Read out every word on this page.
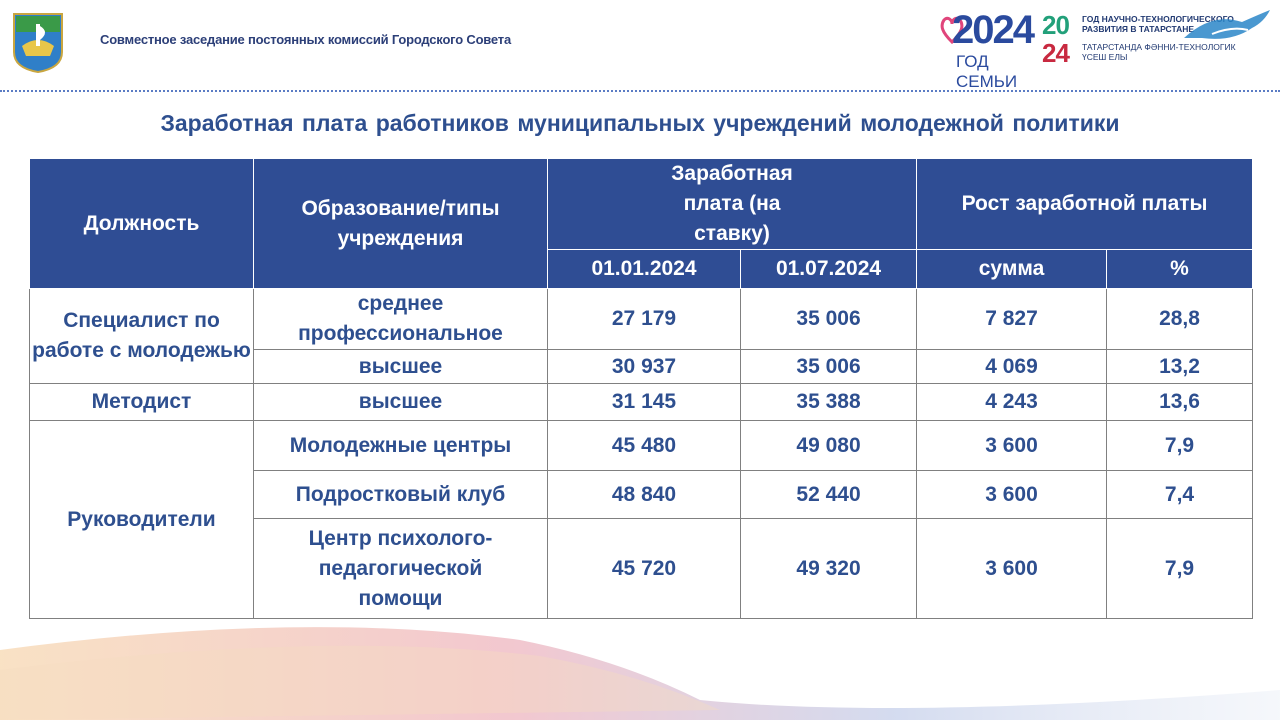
Совместное заседание постоянных комиссий Городского Совета	2024
ГОД СЕМЬИ
20
24
ГОД НАУЧНО-ТЕХНОЛОГИЧЕСКОГО
РАЗВИТИЯ В ТАТАРСТАНЕ
ТАТАРСТАНДА ФӘННИ-ТЕХНОЛОГИК
ҮСЕШ ЕЛЫ
Заработная плата работников муниципальных учреждений молодежной политики
Должность	Образование/типы учреждения	Заработная плата (на ставку)		Рост заработной платы	
		01.01.2024	01.07.2024	сумма	%
Специалист по работе с молодежью	среднее профессиональное	27 179	35 006	7 827	28,8
	высшее	30 937	35 006	4 069	13,2
Методист	высшее	31 145	35 388	4 243	13,6
Руководители	Молодежные центры	45 480	49 080	3 600	7,9
	Подростковый клуб	48 840	52 440	3 600	7,4
	Центр психолого-педагогической помощи	45 720	49 320	3 600	7,9
